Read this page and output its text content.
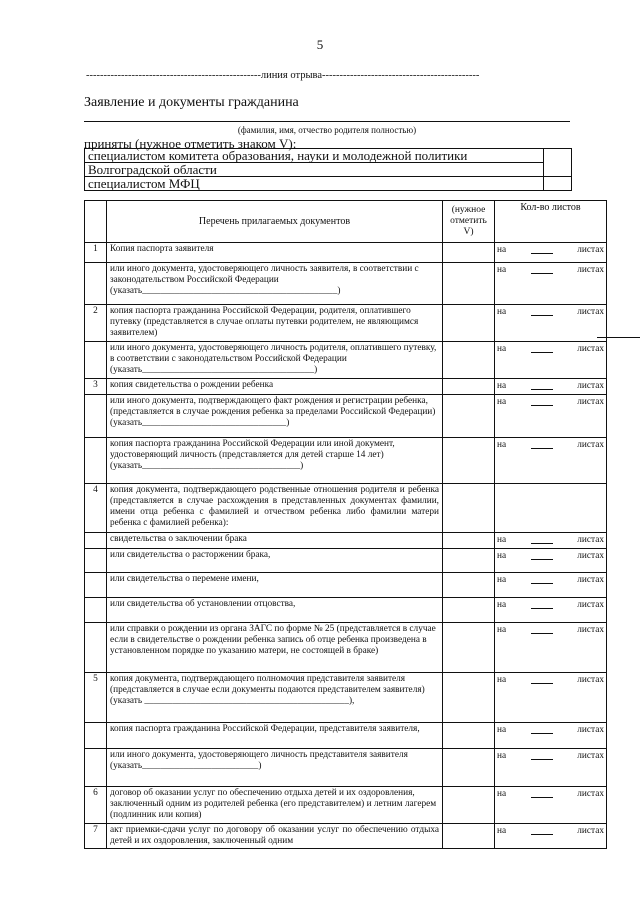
5
--------------------------------------------------линия отрыва---------------------------------------------
Заявление и документы гражданина
(фамилия, имя, отчество родителя полностью)
приняты (нужное отметить знаком V):
специалистом комитета образования, науки и молодежной политики	
Волгоградской области	
специалистом МФЦ	
	Перечень прилагаемых документов	(нужное отметить V)	Кол-во листов
1	Копия паспорта заявителя		на листах

	или иного документа, удостоверяющего личность заявителя, в соответствии с законодательством Российской Федерации (указать__________________________________________)		на листах

2	копия паспорта гражданина Российской Федерации, родителя, оплатившего путевку (представляется в случае оплаты путевки родителем, не являющимся заявителем)		на листах

	или иного документа, удостоверяющего личность родителя, оплатившего путевку, в соответствии с законодательством Российской Федерации (указать_____________________________________)		на листах

3	копия свидетельства о рождении ребенка		на листах

	или иного документа, подтверждающего факт рождения и регистрации ребенка, (представляется в случае рождения ребенка за пределами Российской Федерации) (указать_______________________________)		на листах

	копия паспорта гражданина Российской Федерации или иной документ, удостоверяющий личность (представляется для детей старше 14 лет) (указать__________________________________)		на листах

4	копия документа, подтверждающего родственные отношения родителя и ребенка (представляется в случае расхождения в представленных документах фамилии, имени отца ребенка с фамилией и отчеством ребенка либо фамилии матери ребенка с фамилией ребенка):		
	свидетельства о заключении брака		на листах

	или свидетельства о расторжении брака,		на листах

	или свидетельства о перемене имени,		на листах

	или свидетельства об установлении отцовства,		на листах

	или справки о рождении из органа ЗАГС по форме № 25 (представляется в случае если в свидетельстве о рождении ребенка запись об отце ребенка произведена в установленном порядке по указанию матери, не состоящей в браке)		на листах

5	копия документа, подтверждающего полномочия представителя заявителя (представляется в случае если документы подаются представителем заявителя) (указать ____________________________________________),		на листах

	копия паспорта гражданина Российской Федерации, представителя заявителя,		на листах

	или иного документа, удостоверяющего личность представителя заявителя (указать_________________________)		на листах

6	договор об оказании услуг по обеспечению отдыха детей и их оздоровления, заключенный одним из родителей ребенка (его представителем) и летним лагерем (подлинник или копия)		на листах

7	акт приемки-сдачи услуг по договору об оказании услуг по обеспечению отдыха детей и их оздоровления, заключенный одним		на листах
